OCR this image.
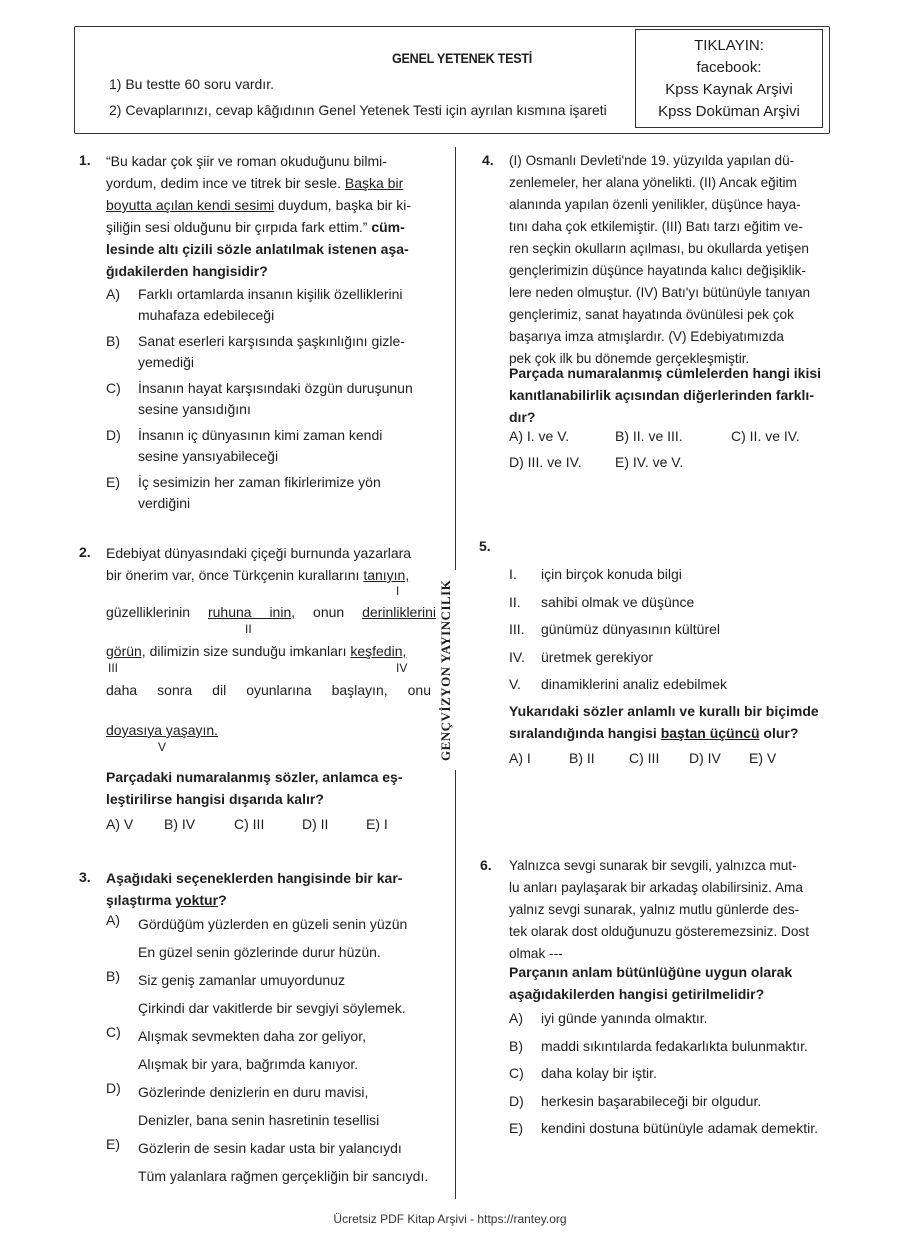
GENEL YETENEK TESTİ
1) Bu testte 60 soru vardır.
2) Cevaplarınızı, cevap kâğıdının Genel Yetenek Testi için ayrılan kısmına işareti
TIKLAYIN:
facebook:
Kpss Kaynak Arşivi
Kpss Doküman Arşivi
GENÇVİZYON YAYINCILIK
1. “Bu kadar çok şiir ve roman okuduğunu bilmi-
yordum, dedim ince ve titrek bir sesle. Başka bir
boyutta açılan kendi sesimi duydum, başka bir ki-
şiliğin sesi olduğunu bir çırpıda fark ettim.” cüm-
lesinde altı çizili sözle anlatılmak istenen aşa-
ğıdakilerden hangisidir?
A) Farklı ortamlarda insanın kişilik özelliklerini
muhafaza edebileceği
B) Sanat eserleri karşısında şaşkınlığını gizle-
yemediği
C) İnsanın hayat karşısındaki özgün duruşunun
sesine yansıdığını
D) İnsanın iç dünyasının kimi zaman kendi
sesine yansıyabileceği
E) İç sesimizin her zaman fikirlerimize yön
verdiğini
2. Edebiyat dünyasındaki çiçeği burnunda yazarlara
bir önerim var, önce Türkçenin kurallarını tanıyın,
I
güzelliklerinin ruhuna inin, onun derinliklerini
II
görün, dilimizin size sunduğu imkanları keşfedin,
III	IV
daha sonra dil oyunlarına başlayın, onu
doyasıya yaşayın.
V
Parçadaki numaralanmış sözler, anlamca eş-
leştirilirse hangisi dışarıda kalır?
A) V B) IV	C) III	D) II	E) I
3. Aşağıdaki seçeneklerden hangisinde bir kar-
şılaştırma yoktur?
A) Gördüğüm yüzlerden en güzeli senin yüzün
En güzel senin gözlerinde durur hüzün.
B) Siz geniş zamanlar umuyordunuz
Çirkindi dar vakitlerde bir sevgiyi söylemek.
C) Alışmak sevmekten daha zor geliyor,
Alışmak bir yara, bağrımda kanıyor.
D) Gözlerinde denizlerin en duru mavisi,
Denizler, bana senin hasretinin tesellisi
E) Gözlerin de sesin kadar usta bir yalancıydı
Tüm yalanlara rağmen gerçekliğin bir sancıydı.
4. (I) Osmanlı Devleti'nde 19. yüzyılda yapılan dü-
zenlemeler, her alana yönelikti. (II) Ancak eğitim
alanında yapılan özenli yenilikler, düşünce haya-
tını daha çok etkilemiştir. (III) Batı tarzı eğitim ve-
ren seçkin okulların açılması, bu okullarda yetişen
gençlerimizin düşünce hayatında kalıcı değişiklik-
lere neden olmuştur. (IV) Batı'yı bütünüyle tanıyan
gençlerimiz, sanat hayatında övünülesi pek çok
başarıya imza atmışlardır. (V) Edebiyatımızda
pek çok ilk bu dönemde gerçekleşmiştir.
Parçada numaralanmış cümlelerden hangi ikisi
kanıtlanabilirlik açısından diğerlerinden farklı-
dır?
A) I. ve V.	B) II. ve III.	C) II. ve IV.
D) III. ve IV. E) IV. ve V.
5.
I. için birçok konuda bilgi
II. sahibi olmak ve düşünce
III. günümüz dünyasının kültürel
IV. üretmek gerekiyor
V. dinamiklerini analiz edebilmek
Yukarıdaki sözler anlamlı ve kurallı bir biçimde
sıralandığında hangisi baştan üçüncü olur?
A) I	B) II C) III D) IV E) V
6. Yalnızca sevgi sunarak bir sevgili, yalnızca mut-
lu anları paylaşarak bir arkadaş olabilirsiniz. Ama
yalnız sevgi sunarak, yalnız mutlu günlerde des-
tek olarak dost olduğunuzu gösteremezsiniz. Dost
olmak ---
Parçanın anlam bütünlüğüne uygun olarak
aşağıdakilerden hangisi getirilmelidir?
A) iyi günde yanında olmaktır.
B) maddi sıkıntılarda fedakarlıkta bulunmaktır.
C) daha kolay bir iştir.
D) herkesin başarabileceği bir olgudur.
E) kendini dostuna bütünüyle adamak demektir.
Ücretsiz PDF Kitap Arşivi - https://rantey.org
